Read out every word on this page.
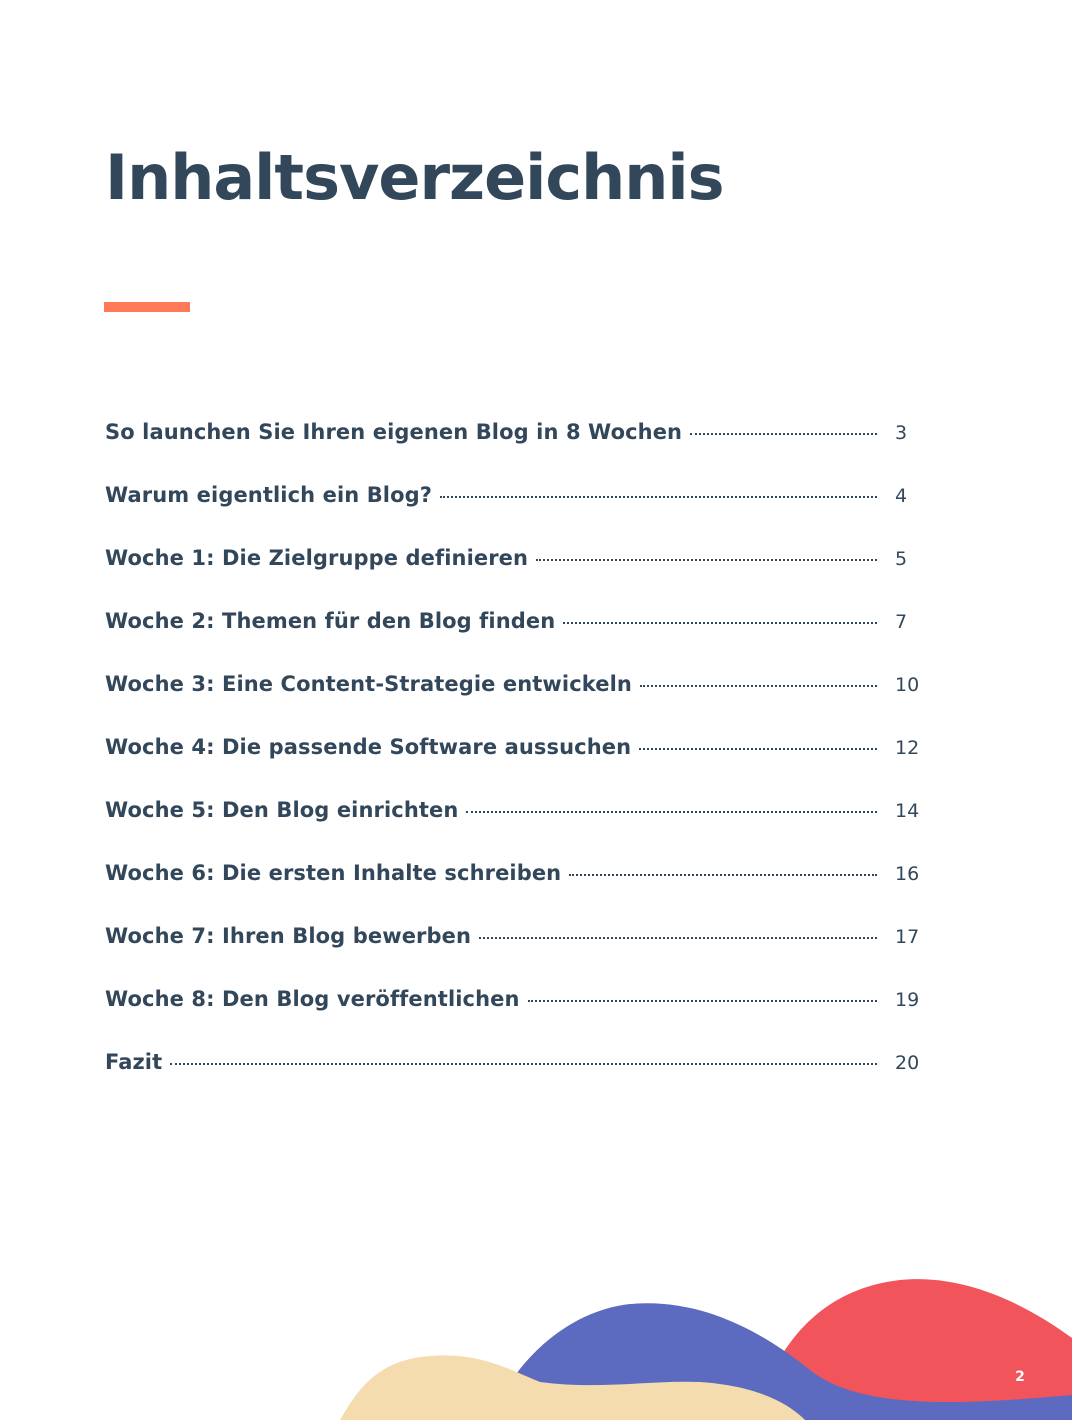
Inhaltsverzeichnis
So launchen Sie Ihren eigenen Blog in 8 Wochen	3
Warum eigentlich ein Blog?	4
Woche 1: Die Zielgruppe definieren	5
Woche 2: Themen für den Blog finden	7
Woche 3: Eine Content-Strategie entwickeln	10
Woche 4: Die passende Software aussuchen	12
Woche 5: Den Blog einrichten	14
Woche 6: Die ersten Inhalte schreiben	16
Woche 7: Ihren Blog bewerben	17
Woche 8: Den Blog veröffentlichen	19
Fazit	20
2
